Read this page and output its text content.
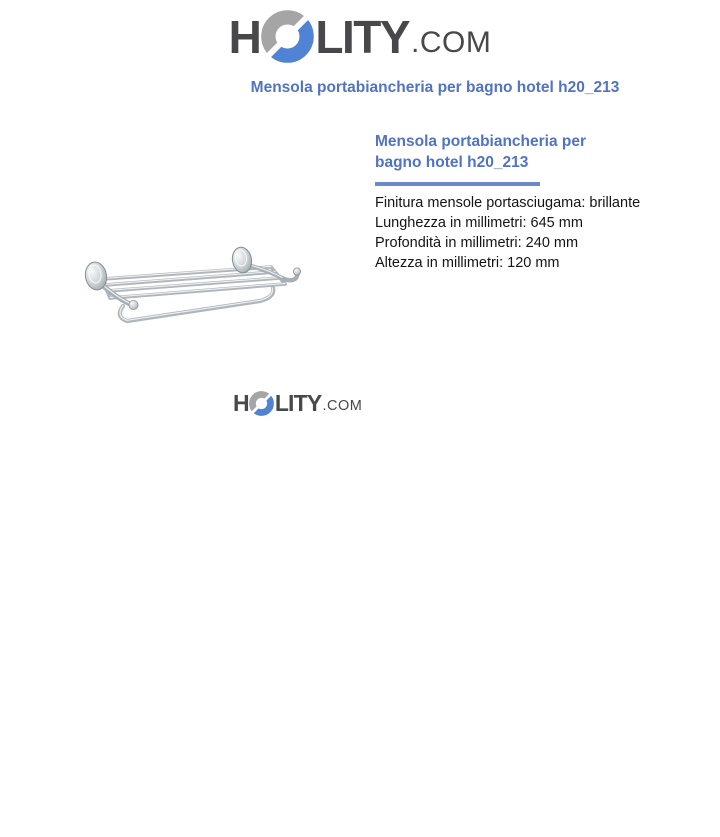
H LITY .COM
Mensola portabiancheria per bagno hotel h20_213
Mensola portabiancheria per bagno hotel h20_213
Finitura mensole portasciugama: brillante
Lunghezza in millimetri: 645 mm
Profondità in millimetri: 240 mm
Altezza in millimetri: 120 mm
H LITY .COM
